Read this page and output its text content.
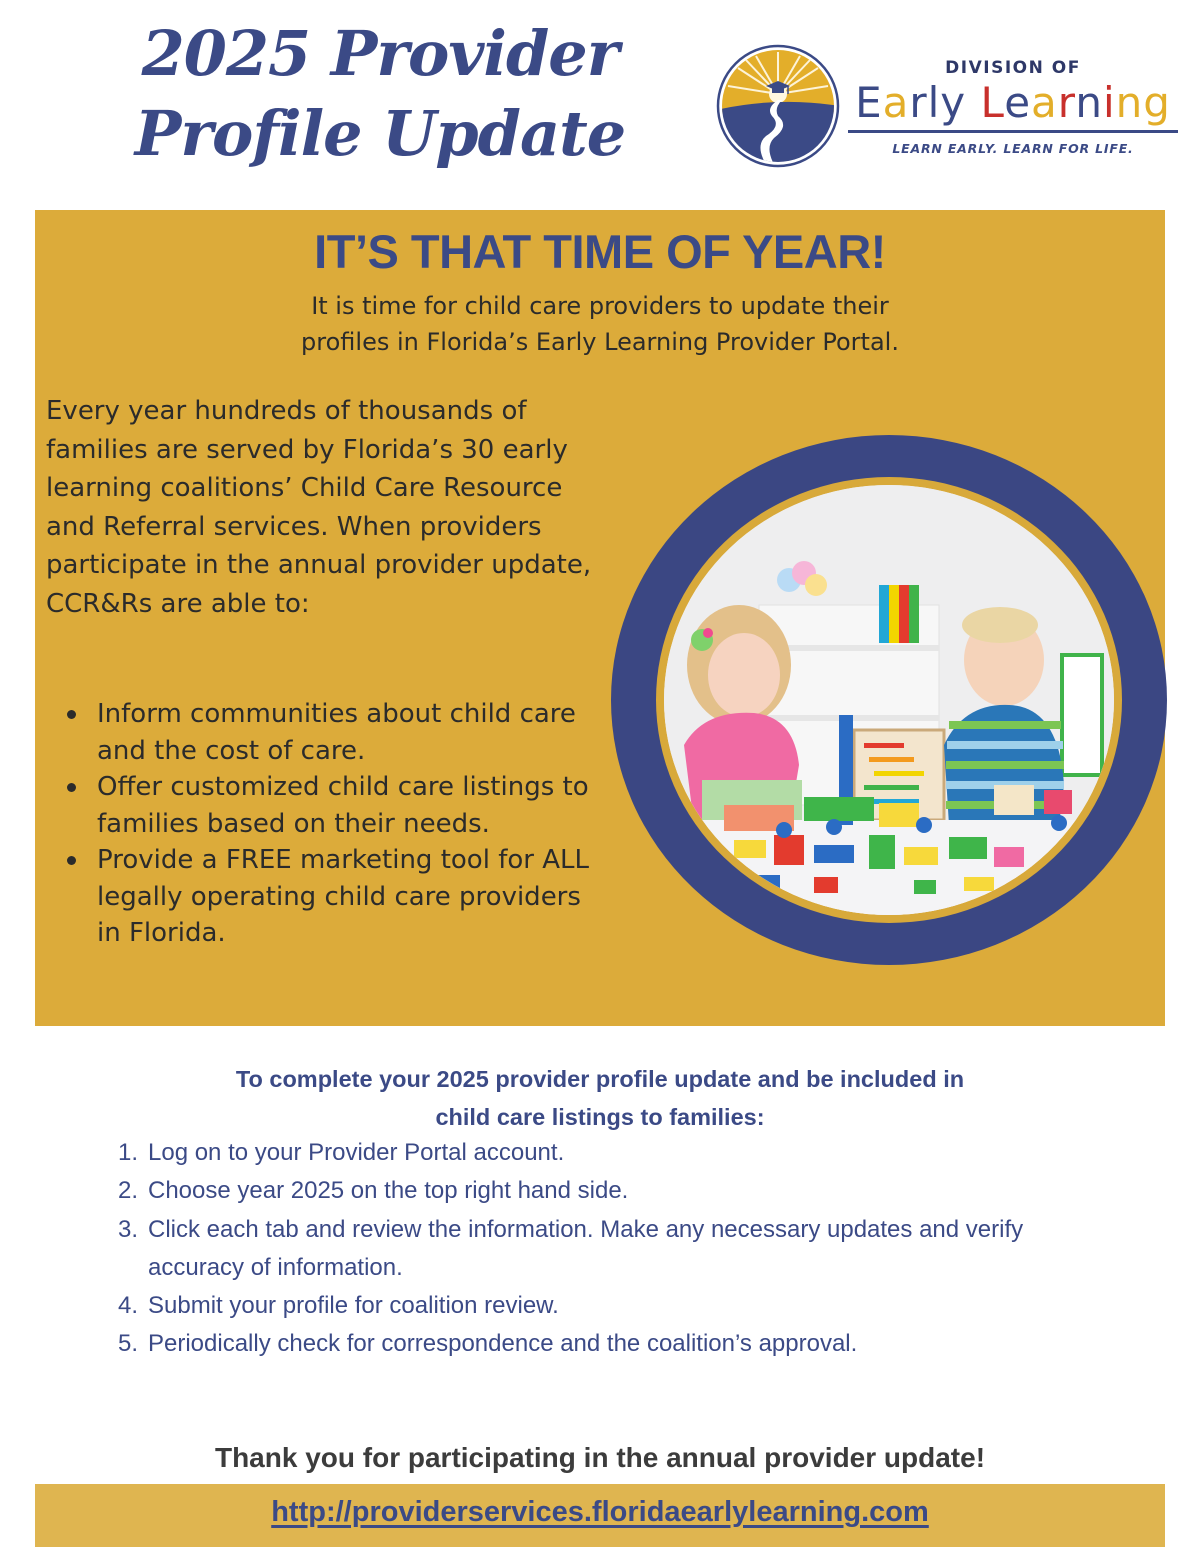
2025 Provider
Profile Update
DIVISION OF
Early Learning
LEARN EARLY. LEARN FOR LIFE.
IT’S THAT TIME OF YEAR!

It is time for child care providers to update their
profiles in Florida’s Early Learning Provider Portal.

Every year hundreds of thousands of families are served by Florida’s 30 early learning coalitions’ Child Care Resource and Referral services. When providers participate in the annual provider update, CCR&Rs are able to:

Inform communities about child care and the cost of care.
Offer customized child care listings to families based on their needs.
Provide a FREE marketing tool for ALL legally operating child care providers in Florida.
To complete your 2025 provider profile update and be included in
child care listings to families:
1. Log on to your Provider Portal account.
2. Choose year 2025 on the top right hand side.
3. Click each tab and review the information. Make any necessary updates and verify accuracy of information.
4. Submit your profile for coalition review.
5. Periodically check for correspondence and the coalition’s approval.

Thank you for participating in the annual provider update!

http://providerservices.floridaearlylearning.com
